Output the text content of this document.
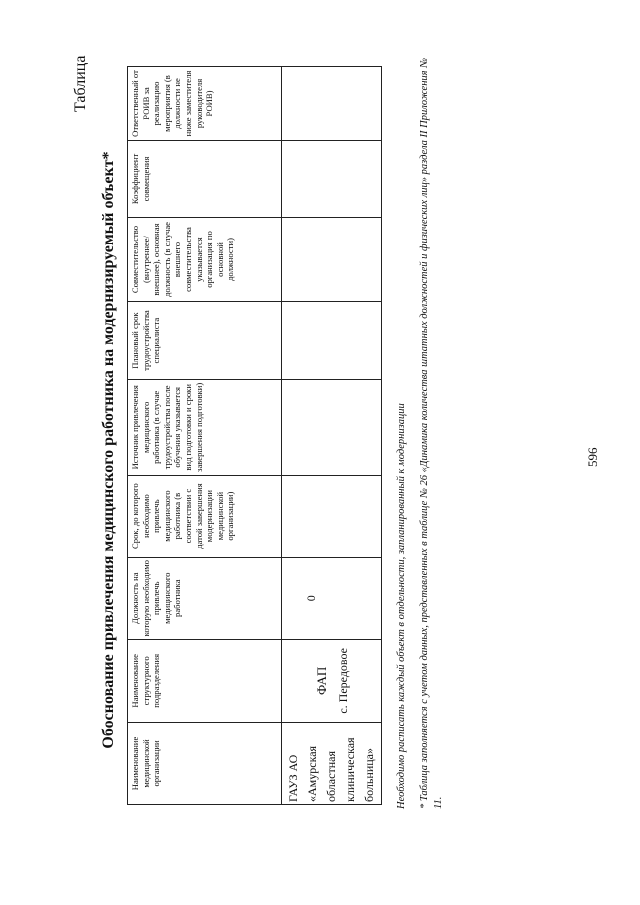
596
Таблица
Обоснование привлечения медицинского работника на модернизируемый объект*
Наименование медицинской организации	Наименование структурного подразделения	Должность на которую необходимо привлечь медицинского работника	Срок, до которого необходимо привлечь медицинского работника (в соответствии с датой завершения модернизации медицинской организации)	Источник привлечения медицинского работника (в случае трудоустройства после обучения указывается вид подготовки и сроки завершения подготовки)	Плановый срок трудоустройства специалиста	Совместительство (внутреннее/внешнее), основная должность (в случае внешнего совместительства указывается организация по основной должности)	Коэффициент совмещения	Ответственный от РОИВ за реализацию мероприятия (в должности не ниже заместителя руководителя РОИВ)
ГАУЗ АО «Амурская областная клиническая больница»	ФАП с. Передовое	0						
							Необходимо расписать каждый объект в отдельности, запланированный к модернизации * Таблица заполняется с учетом данных, представленных в таблице № 26 «Динамика количества штатных должностей и физических лиц» раздела II Приложения № 11.
